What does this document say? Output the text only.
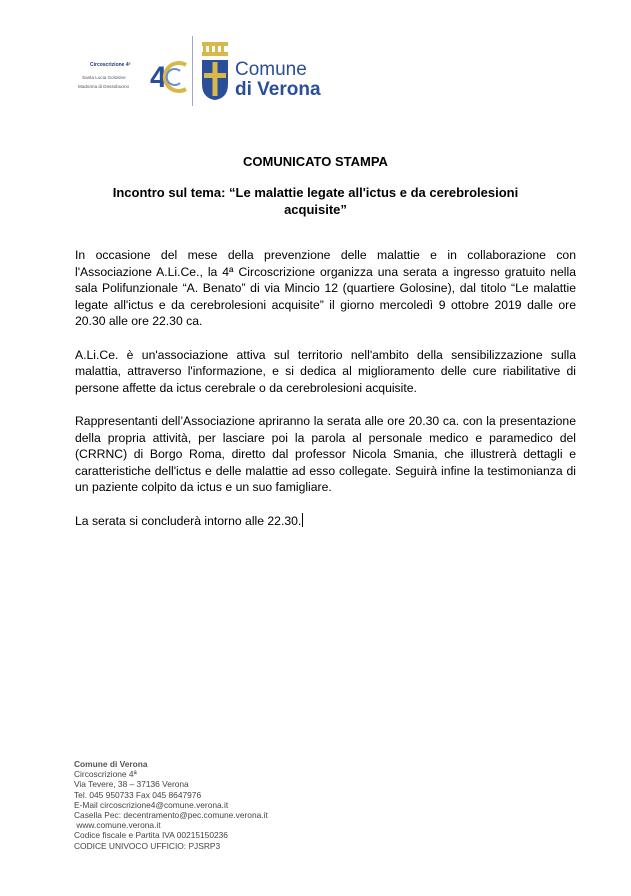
4
Circoscrizione 4ª
Santa Lucia Golosine
Madonna di Dossobuono
Comune
di Verona
COMUNICATO STAMPA
Incontro sul tema: “Le malattie legate all'ictus e da cerebrolesioni acquisite”

In occasione del mese della prevenzione delle malattie e in collaborazione con l'Associazione A.Li.Ce., la 4ª Circoscrizione organizza una serata a ingresso gratuito nella sala Polifunzionale “A. Benato” di via Mincio 12 (quartiere Golosine), dal titolo “Le malattie legate all'ictus e da cerebrolesioni acquisite” il giorno mercoledì 9 ottobre 2019 dalle ore 20.30 alle ore 22.30 ca.

A.Li.Ce. è un'associazione attiva sul territorio nell'ambito della sensibilizzazione sulla malattia, attraverso l'informazione, e si dedica al miglioramento delle cure riabilitative di persone affette da ictus cerebrale o da cerebrolesioni acquisite.

Rappresentanti dell’Associazione apriranno la serata alle ore 20.30 ca. con la presentazione della propria attività, per lasciare poi la parola al personale medico e paramedico del (CRRNC) di Borgo Roma, diretto dal professor Nicola Smania, che illustrerà dettagli e caratteristiche dell'ictus e delle malattie ad esso collegate. Seguirà infine la testimonianza di un paziente colpito da ictus e un suo famigliare.

La serata si concluderà intorno alle 22.30.

Comune di Verona
Circoscrizione 4ª
Via Tevere, 38 – 37136 Verona
Tel. 045 950733 Fax 045 8647976
E-Mail circoscrizione4@comune.verona.it
Casella Pec: decentramento@pec.comune.verona.it
www.comune.verona.it
Codice fiscale e Partita IVA 00215150236
CODICE UNIVOCO UFFICIO: PJSRP3
